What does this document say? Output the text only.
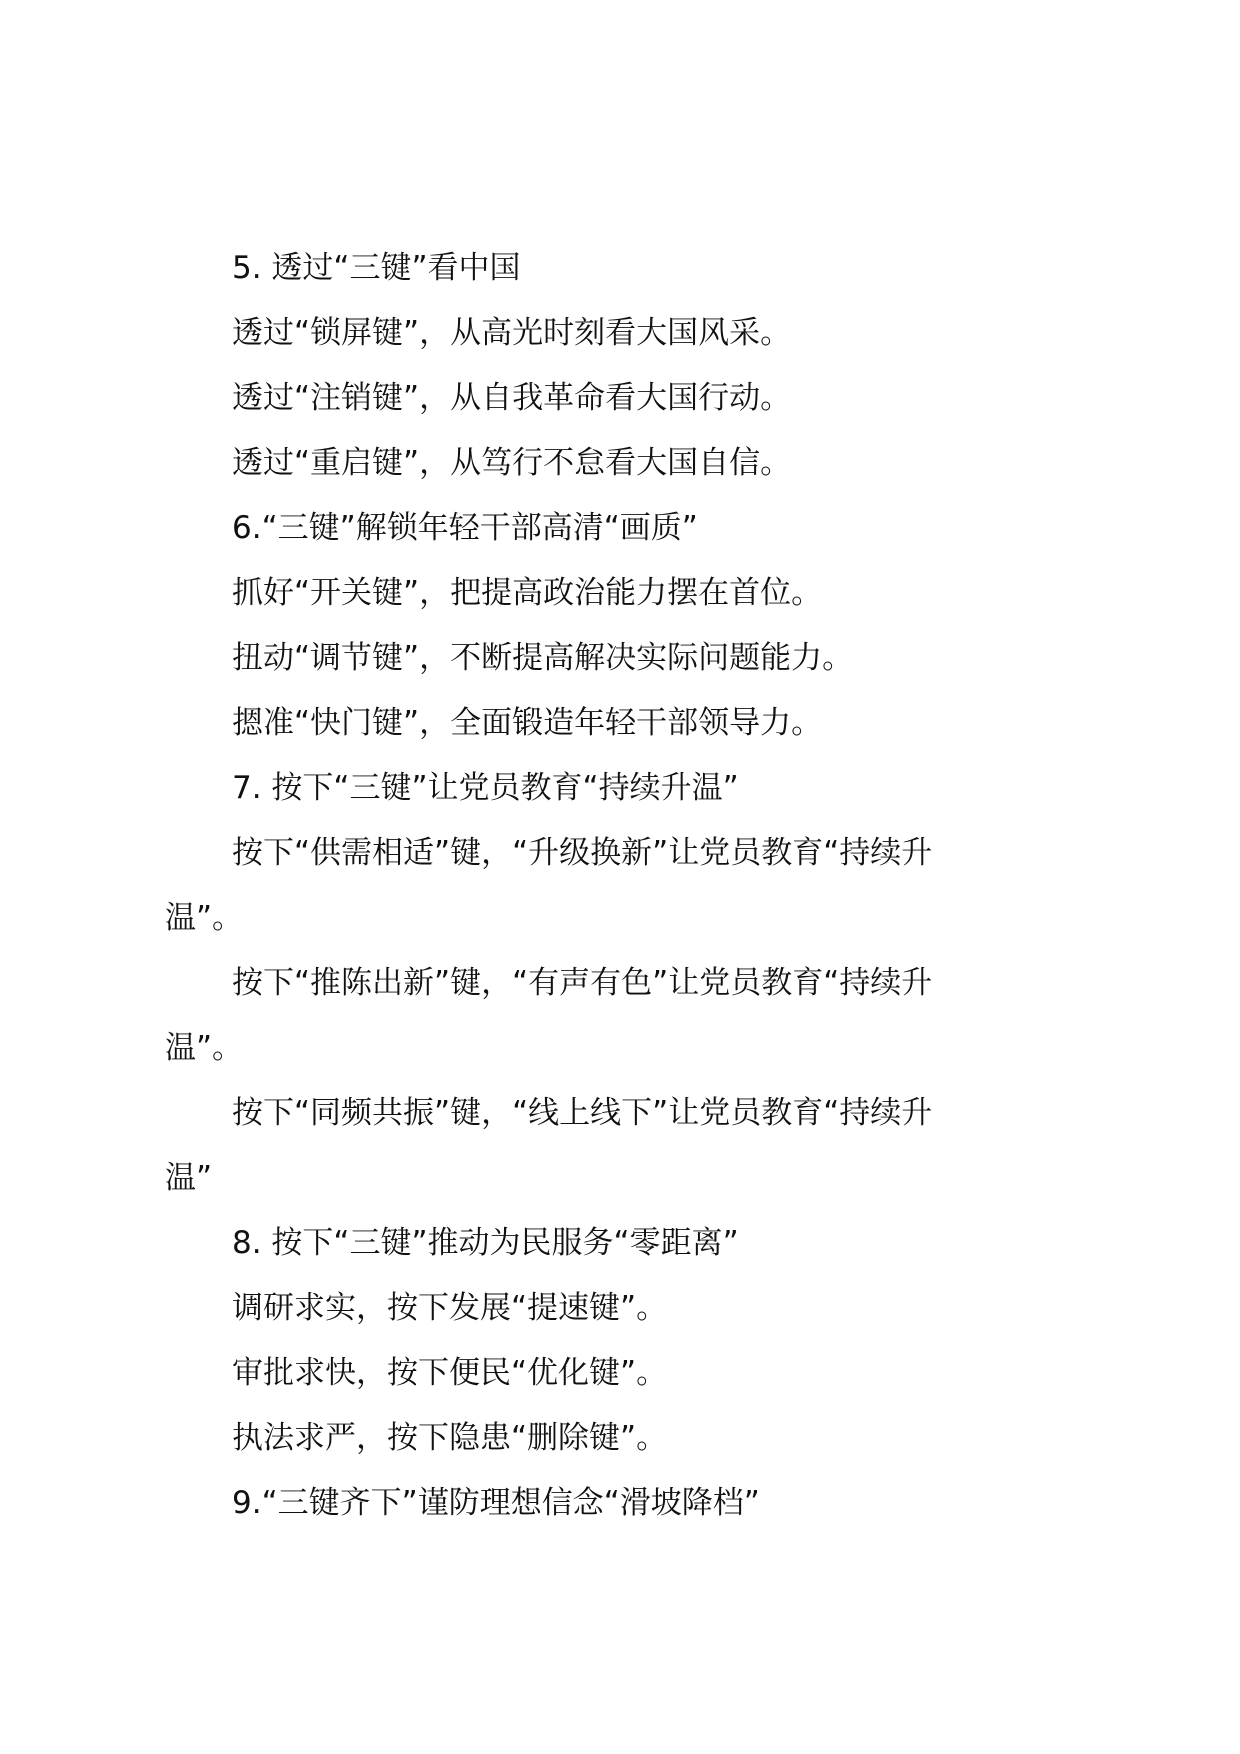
5. 透过“三键”看中国
透过“锁屏键”，从高光时刻看大国风采。
透过“注销键”，从自我革命看大国行动。
透过“重启键”，从笃行不怠看大国自信。
6.“三键”解锁年轻干部高清“画质”
抓好“开关键”，把提高政治能力摆在首位。
扭动“调节键”，不断提高解决实际问题能力。
摁准“快门键”，全面锻造年轻干部领导力。
7. 按下“三键”让党员教育“持续升温”
按下“供需相适”键，“升级换新”让党员教育“持续升
温”。
按下“推陈出新”键，“有声有色”让党员教育“持续升
温”。
按下“同频共振”键，“线上线下”让党员教育“持续升
温”
8. 按下“三键”推动为民服务“零距离”
调研求实，按下发展“提速键”。
审批求快，按下便民“优化键”。
执法求严，按下隐患“删除键”。
9.“三键齐下”谨防理想信念“滑坡降档”
